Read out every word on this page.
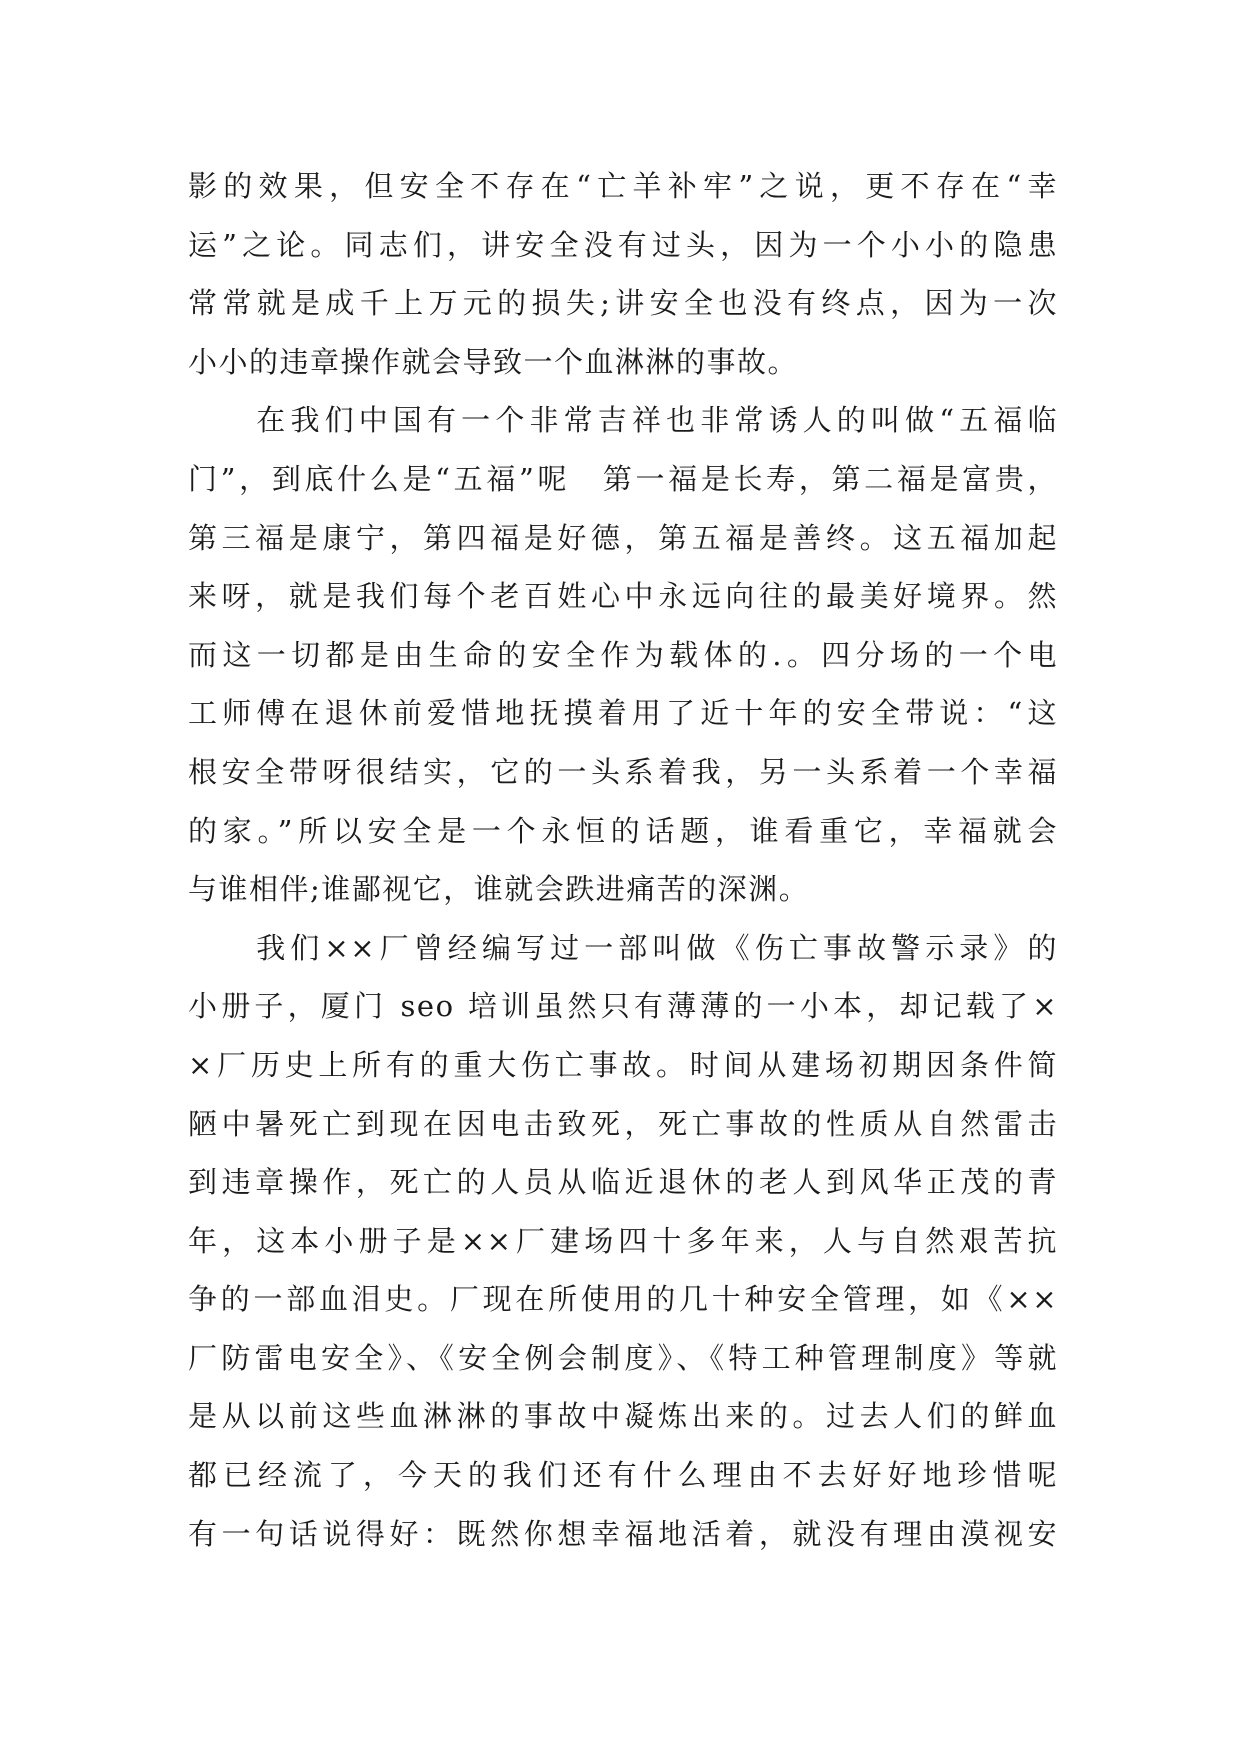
影的效果，但安全不存在“亡羊补牢”之说，更不存在“幸
运”之论。同志们，讲安全没有过头，因为一个小小的隐患
常常就是成千上万元的损失;讲安全也没有终点，因为一次
小小的违章操作就会导致一个血淋淋的事故。
　　在我们中国有一个非常吉祥也非常诱人的叫做“五福临
门”，到底什么是“五福”呢　第一福是长寿，第二福是富贵，
第三福是康宁，第四福是好德，第五福是善终。这五福加起
来呀，就是我们每个老百姓心中永远向往的最美好境界。然
而这一切都是由生命的安全作为载体的.。四分场的一个电
工师傅在退休前爱惜地抚摸着用了近十年的安全带说：“这
根安全带呀很结实，它的一头系着我，另一头系着一个幸福
的家。”所以安全是一个永恒的话题，谁看重它，幸福就会
与谁相伴;谁鄙视它，谁就会跌进痛苦的深渊。
　　我们××厂曾经编写过一部叫做《伤亡事故警示录》的
小册子，厦门 seo 培训虽然只有薄薄的一小本，却记载了×
×厂历史上所有的重大伤亡事故。时间从建场初期因条件简
陋中暑死亡到现在因电击致死，死亡事故的性质从自然雷击
到违章操作，死亡的人员从临近退休的老人到风华正茂的青
年，这本小册子是××厂建场四十多年来，人与自然艰苦抗
争的一部血泪史。厂现在所使用的几十种安全管理，如《××
厂防雷电安全》、《安全例会制度》、《特工种管理制度》等就
是从以前这些血淋淋的事故中凝炼出来的。过去人们的鲜血
都已经流了，今天的我们还有什么理由不去好好地珍惜呢
有一句话说得好：既然你想幸福地活着，就没有理由漠视安
